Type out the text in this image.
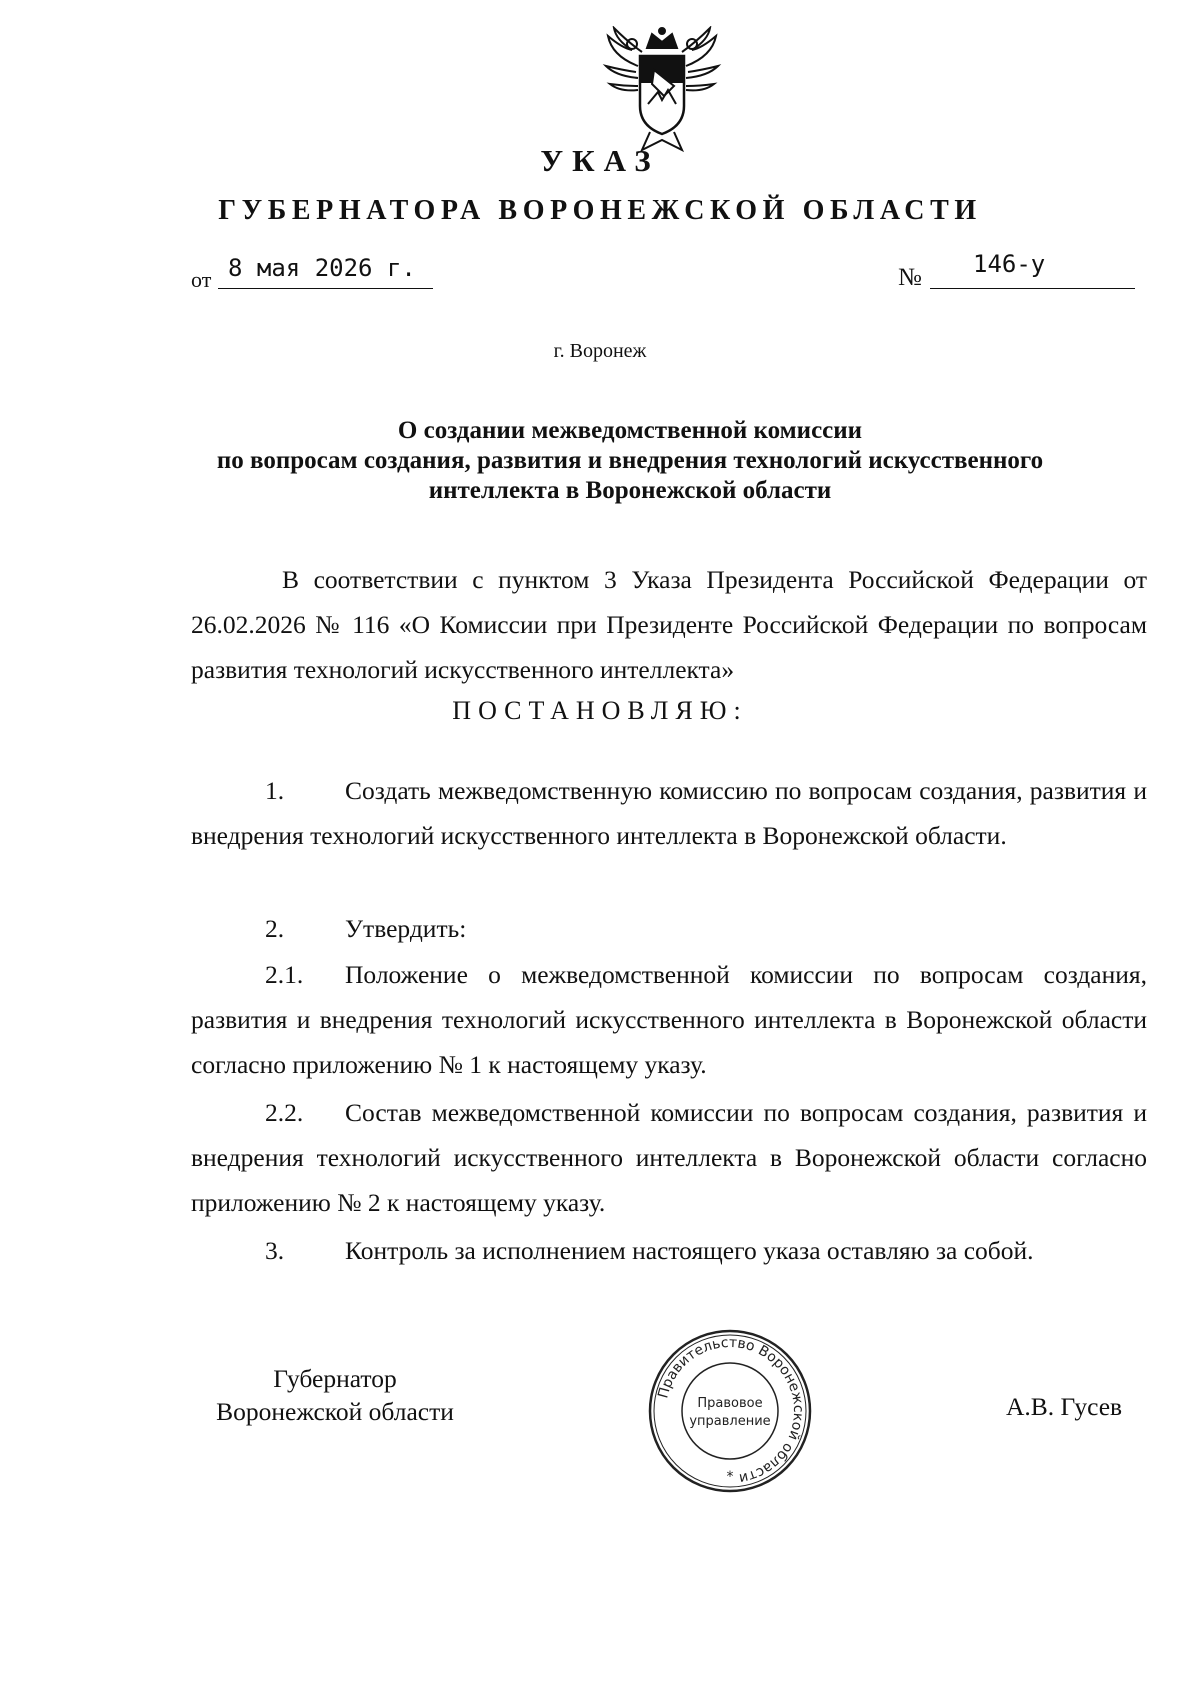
УКАЗ
ГУБЕРНАТОРА ВОРОНЕЖСКОЙ ОБЛАСТИ
от 8 мая 2026 г.	№ 146-у
г. Воронеж
О создании межведомственной комиссии
по вопросам создания, развития и внедрения технологий искусственного
интеллекта в Воронежской области
В соответствии с пунктом 3 Указа Президента Российской Федерации от 26.02.2026 № 116 «О Комиссии при Президенте Российской Федерации по вопросам развития технологий искусственного интеллекта»
ПОСТАНОВЛЯЮ:
1. Создать межведомственную комиссию по вопросам создания, развития и внедрения технологий искусственного интеллекта в Воронежской области.
2. Утвердить:
2.1. Положение о межведомственной комиссии по вопросам создания, развития и внедрения технологий искусственного интеллекта в Воронежской области согласно приложению № 1 к настоящему указу.
2.2. Состав межведомственной комиссии по вопросам создания, развития и внедрения технологий искусственного интеллекта в Воронежской области согласно приложению № 2 к настоящему указу.
3. Контроль за исполнением настоящего указа оставляю за собой.
Губернатор
Воронежской области	А.В. Гусев
Правительство Воронежской области
Правовое
управление
*
